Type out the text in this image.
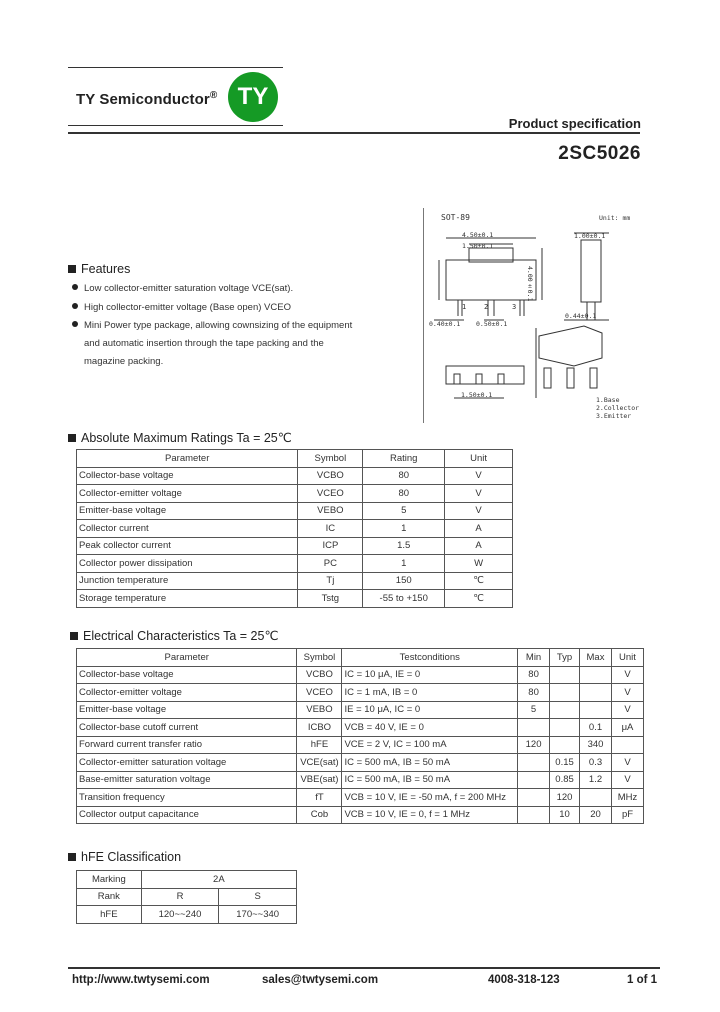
TY Semiconductor® TY
Product specification
2SC5026
SOT-89	Unit: mm
4.50±0.1
1.50±0.1
1.00±0.1
4.00±0.1
0.40±0.1 0.50±0.1
0.44±0.1
1.50±0.1
1	2	3
1.Base
2.Collector
3.Emitter
Features
Low collector-emitter saturation voltage VCE(sat).
High collector-emitter voltage (Base open) VCEO
Mini Power type package, allowing cownsizing of the equipment
and automatic insertion through the tape packing and the
magazine packing.
Absolute Maximum Ratings Ta = 25℃
Parameter	Symbol	Rating	Unit
Collector-base voltage	VCBO	80	V
Collector-emitter voltage	VCEO	80	V
Emitter-base voltage	VEBO	5	V
Collector current	IC	1	A
Peak collector current	ICP	1.5	A
Collector power dissipation	PC	1	W
Junction temperature	Tj	150	℃
Storage temperature	Tstg	-55 to +150	℃
Electrical Characteristics Ta = 25℃
Parameter	Symbol	Testconditions	Min	Typ	Max	Unit
Collector-base voltage	VCBO	IC = 10 μA, IE = 0	80			V
Collector-emitter voltage	VCEO	IC = 1 mA, IB = 0	80			V
Emitter-base voltage	VEBO	IE = 10 μA, IC = 0	5			V
Collector-base cutoff current	ICBO	VCB = 40 V, IE = 0			0.1	μA
Forward current transfer ratio	hFE	VCE = 2 V, IC = 100 mA	120		340	
Collector-emitter saturation voltage	VCE(sat)	IC = 500 mA, IB = 50 mA		0.15	0.3	V
Base-emitter saturation voltage	VBE(sat)	IC = 500 mA, IB = 50 mA		0.85	1.2	V
Transition frequency	fT	VCB = 10 V, IE = -50 mA, f = 200 MHz		120		MHz
Collector output capacitance	Cob	VCB = 10 V, IE = 0, f = 1 MHz		10	20	pF
hFE Classification
Marking	2A	
Rank	R	S
hFE	120~~240	170~~340
http://www.twtysemi.com	sales@twtysemi.com	4008-318-123	1 of 1
